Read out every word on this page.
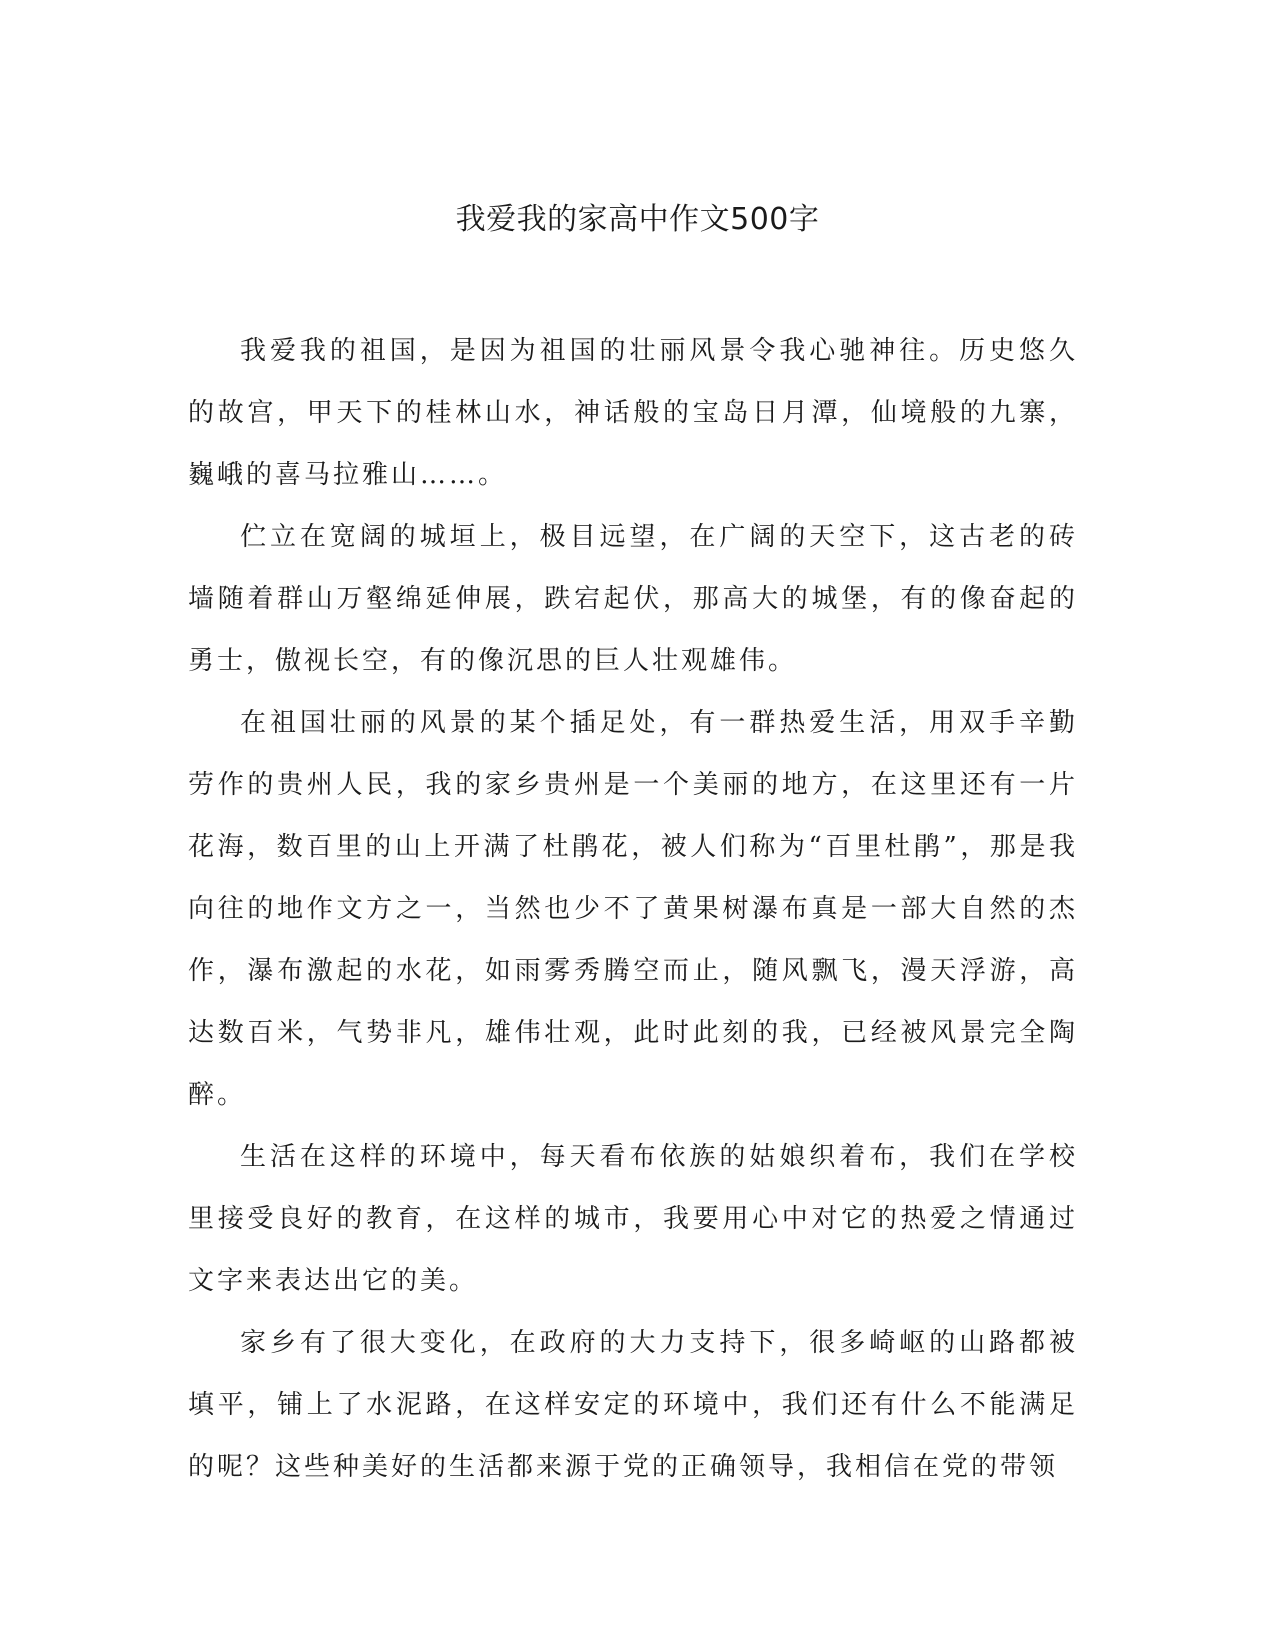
我爱我的家高中作文500字

我爱我的祖国，是因为祖国的壮丽风景令我心驰神往。历史悠久的故宫，甲天下的桂林山水，神话般的宝岛日月潭，仙境般的九寨，巍峨的喜马拉雅山……。

伫立在宽阔的城垣上，极目远望，在广阔的天空下，这古老的砖墙随着群山万壑绵延伸展，跌宕起伏，那高大的城堡，有的像奋起的勇士，傲视长空，有的像沉思的巨人壮观雄伟。

在祖国壮丽的风景的某个插足处，有一群热爱生活，用双手辛勤劳作的贵州人民，我的家乡贵州是一个美丽的地方，在这里还有一片花海，数百里的山上开满了杜鹃花，被人们称为“百里杜鹃”，那是我向往的地作文方之一，当然也少不了黄果树瀑布真是一部大自然的杰作，瀑布激起的水花，如雨雾秀腾空而止，随风飘飞，漫天浮游，高达数百米，气势非凡，雄伟壮观，此时此刻的我，已经被风景完全陶醉。

生活在这样的环境中，每天看布依族的姑娘织着布，我们在学校里接受良好的教育，在这样的城市，我要用心中对它的热爱之情通过文字来表达出它的美。

家乡有了很大变化，在政府的大力支持下，很多崎岖的山路都被填平，铺上了水泥路，在这样安定的环境中，我们还有什么不能满足的呢？这些种美好的生活都来源于党的正确领导，我相信在党的带领
